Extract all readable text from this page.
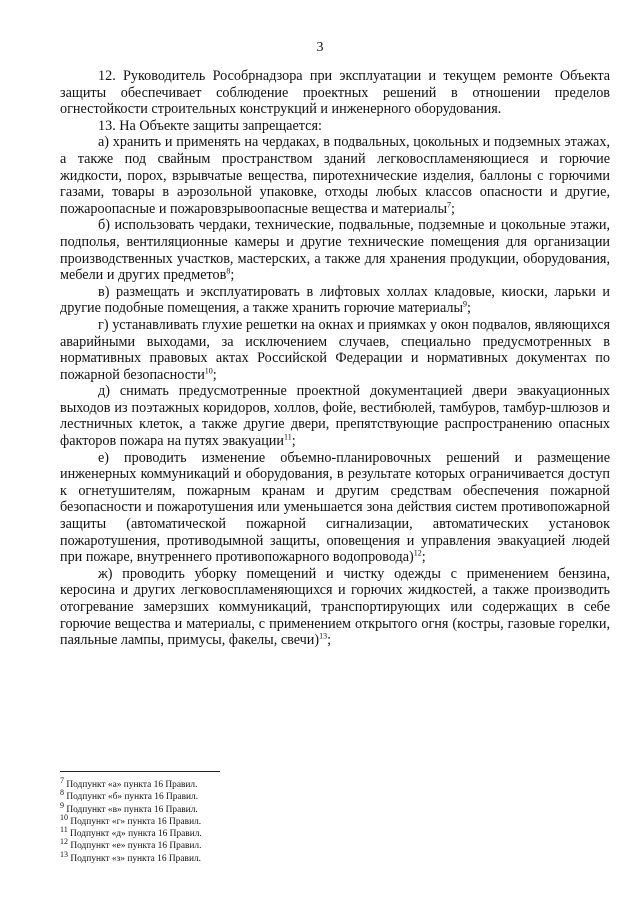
3

12. Руководитель Рособрнадзора при эксплуатации и текущем ремонте Объекта защиты обеспечивает соблюдение проектных решений в отношении пределов огнестойкости строительных конструкций и инженерного оборудования.

13. На Объекте защиты запрещается:

а) хранить и применять на чердаках, в подвальных, цокольных и подземных этажах, а также под свайным пространством зданий легковоспламеняющиеся и горючие жидкости, порох, взрывчатые вещества, пиротехнические изделия, баллоны с горючими газами, товары в аэрозольной упаковке, отходы любых классов опасности и другие, пожароопасные и пожаровзрывоопасные вещества и материалы$^7$;

б) использовать чердаки, технические, подвальные, подземные и цокольные этажи, подполья, вентиляционные камеры и другие технические помещения для организации производственных участков, мастерских, а также для хранения продукции, оборудования, мебели и других предметов$^8$;

в) размещать и эксплуатировать в лифтовых холлах кладовые, киоски, ларьки и другие подобные помещения, а также хранить горючие материалы$^9$;

г) устанавливать глухие решетки на окнах и приямках у окон подвалов, являющихся аварийными выходами, за исключением случаев, специально предусмотренных в нормативных правовых актах Российской Федерации и нормативных документах по пожарной безопасности$^{10}$;

д) снимать предусмотренные проектной документацией двери эвакуационных выходов из поэтажных коридоров, холлов, фойе, вестибюлей, тамбуров, тамбур-шлюзов и лестничных клеток, а также другие двери, препятствующие распространению опасных факторов пожара на путях эвакуации$^{11}$;

е) проводить изменение объемно-планировочных решений и размещение инженерных коммуникаций и оборудования, в результате которых ограничивается доступ к огнетушителям, пожарным кранам и другим средствам обеспечения пожарной безопасности и пожаротушения или уменьшается зона действия систем противопожарной защиты (автоматической пожарной сигнализации, автоматических установок пожаротушения, противодымной защиты, оповещения и управления эвакуацией людей при пожаре, внутреннего противопожарного водопровода)$^{12}$;

ж) проводить уборку помещений и чистку одежды с применением бензина, керосина и других легковоспламеняющихся и горючих жидкостей, а также производить отогревание замерзших коммуникаций, транспортирующих или содержащих в себе горючие вещества и материалы, с применением открытого огня (костры, газовые горелки, паяльные лампы, примусы, факелы, свечи)$^{13}$;

$^7$ Подпункт «а» пункта 16 Правил.

$^8$ Подпункт «б» пункта 16 Правил.

$^9$ Подпункт «в» пункта 16 Правил.

$^{10}$ Подпункт «г» пункта 16 Правил.

$^{11}$ Подпункт «д» пункта 16 Правил.

$^{12}$ Подпункт «е» пункта 16 Правил.

$^{13}$ Подпункт «з» пункта 16 Правил.
